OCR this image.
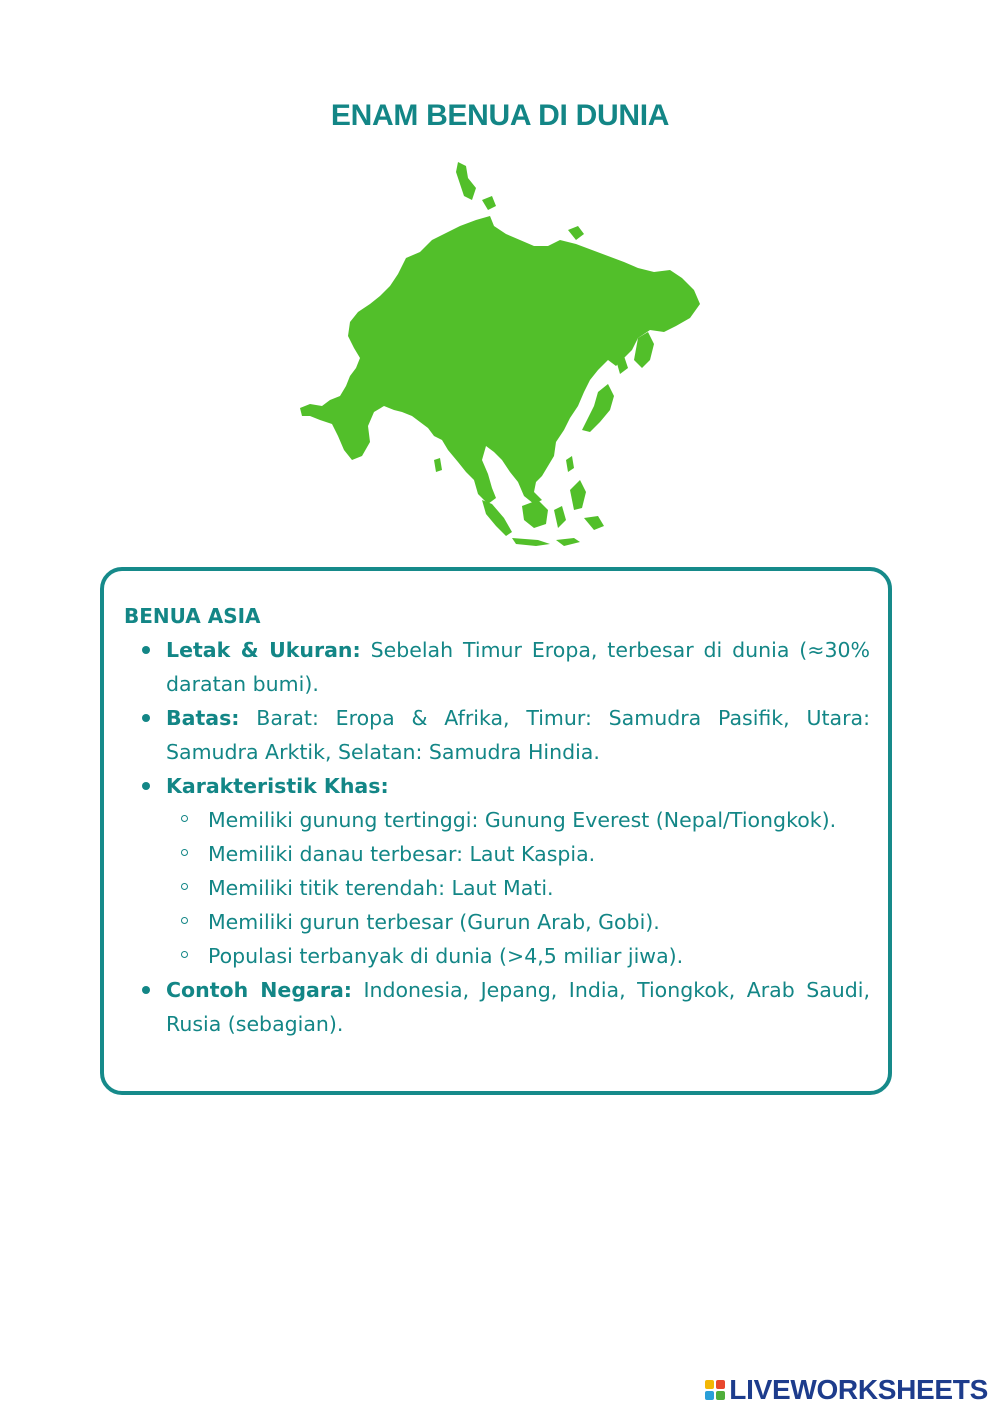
ENAM BENUA DI DUNIA

BENUA ASIA

Letak & Ukuran: Sebelah Timur Eropa, terbesar di dunia (≈30% daratan bumi).
Batas: Barat: Eropa & Afrika, Timur: Samudra Pasifik, Utara: Samudra Arktik, Selatan: Samudra Hindia.
Karakteristik Khas:
Memiliki gunung tertinggi: Gunung Everest (Nepal/Tiongkok).
Memiliki danau terbesar: Laut Kaspia.
Memiliki titik terendah: Laut Mati.
Memiliki gurun terbesar (Gurun Arab, Gobi).
Populasi terbanyak di dunia (>4,5 miliar jiwa).
Contoh Negara: Indonesia, Jepang, India, Tiongkok, Arab Saudi, Rusia (sebagian).
LIVEWORKSHEETS
